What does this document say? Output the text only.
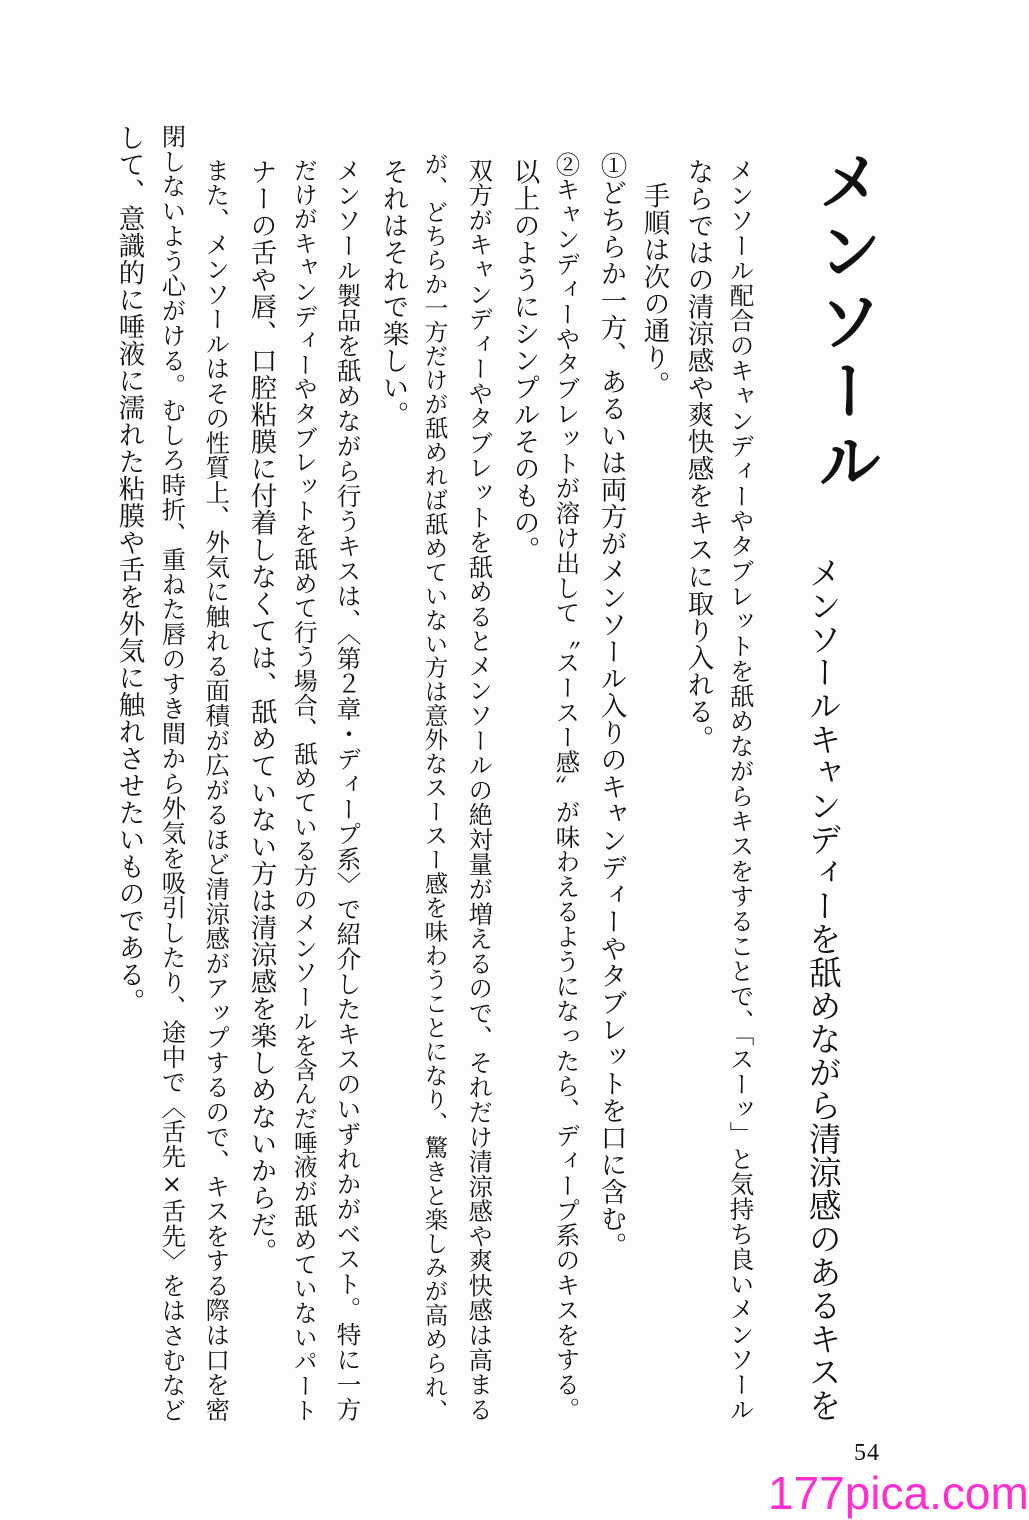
メンソール
メンソールキャンディーを舐めながら清涼感のあるキスを
メンソール配合のキャンディーやタブレットを舐めながらキスをすることで、「スーッ」と気持ち良いメンソール
ならではの清涼感や爽快感をキスに取り入れる。
手順は次の通り。
①どちらか一方、あるいは両方がメンソール入りのキャンディーやタブレットを口に含む。
②キャンディーやタブレットが溶け出して〝スースー感〟が味わえるようになったら、ディープ系のキスをする。
以上のようにシンプルそのもの。
双方がキャンディーやタブレットを舐めるとメンソールの絶対量が増えるので、それだけ清涼感や爽快感は高まる
が、どちらか一方だけが舐めれば舐めていない方は意外なスースー感を味わうことになり、驚きと楽しみが高められ、
それはそれで楽しい。
メンソール製品を舐めながら行うキスは、〈第２章・ディープ系〉で紹介したキスのいずれかがベスト。特に一方
だけがキャンディーやタブレットを舐めて行う場合、舐めている方のメンソールを含んだ唾液が舐めていないパート
ナーの舌や唇、口腔粘膜に付着しなくては、舐めていない方は清涼感を楽しめないからだ。
また、メンソールはその性質上、外気に触れる面積が広がるほど清涼感がアップするので、キスをする際は口を密
閉しないよう心がける。むしろ時折、重ねた唇のすき間から外気を吸引したり、途中で〈舌先×舌先〉をはさむなど
して、意識的に唾液に濡れた粘膜や舌を外気に触れさせたいものである。
54
177pica.com
